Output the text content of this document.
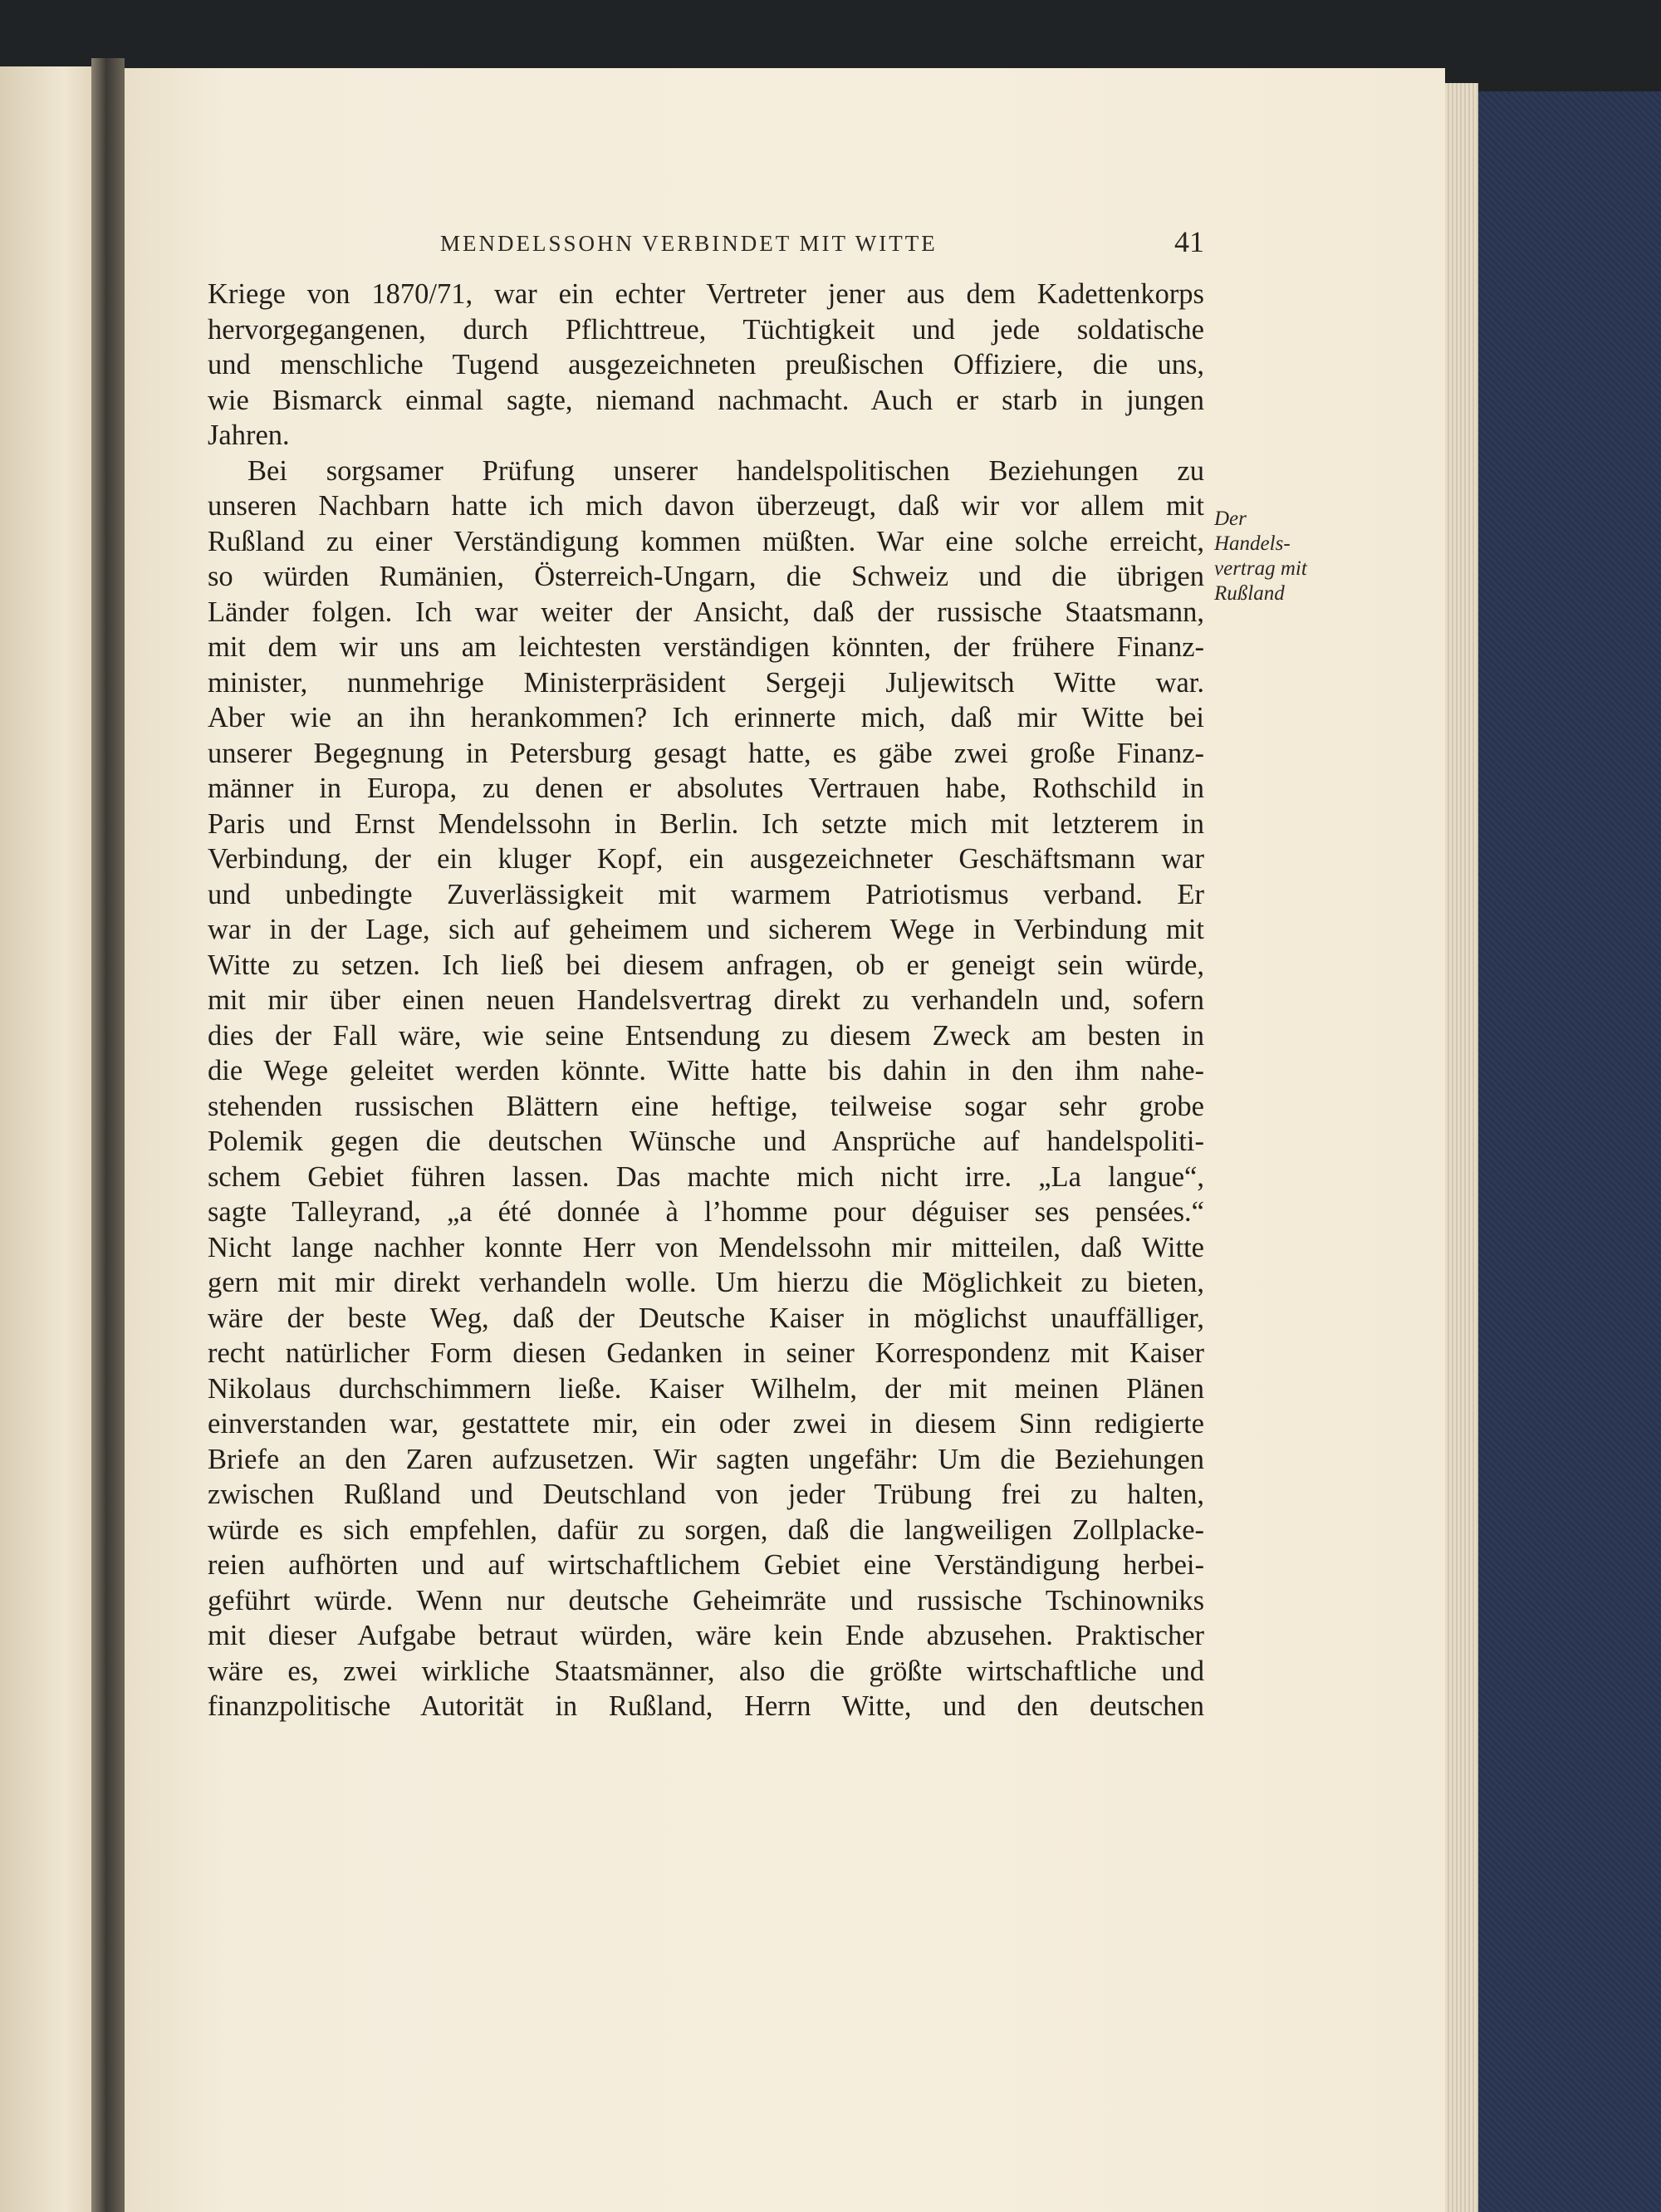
MENDELSSOHN VERBINDET MIT WITTE	41
Der
Handels-
vertrag mit
Rußland
Kriege von 1870/71, war ein echter Vertreter jener aus dem Kadettenkorps
hervorgegangenen, durch Pflichttreue, Tüchtigkeit und jede soldatische
und menschliche Tugend ausgezeichneten preußischen Offiziere, die uns,
wie Bismarck einmal sagte, niemand nachmacht. Auch er starb in jungen
Jahren.
Bei sorgsamer Prüfung unserer handelspolitischen Beziehungen zu
unseren Nachbarn hatte ich mich davon überzeugt, daß wir vor allem mit
Rußland zu einer Verständigung kommen müßten. War eine solche erreicht,
so würden Rumänien, Österreich-Ungarn, die Schweiz und die übrigen
Länder folgen. Ich war weiter der Ansicht, daß der russische Staatsmann,
mit dem wir uns am leichtesten verständigen könnten, der frühere Finanz-
minister, nunmehrige Ministerpräsident Sergeji Juljewitsch Witte war.
Aber wie an ihn herankommen? Ich erinnerte mich, daß mir Witte bei
unserer Begegnung in Petersburg gesagt hatte, es gäbe zwei große Finanz-
männer in Europa, zu denen er absolutes Vertrauen habe, Rothschild in
Paris und Ernst Mendelssohn in Berlin. Ich setzte mich mit letzterem in
Verbindung, der ein kluger Kopf, ein ausgezeichneter Geschäftsmann war
und unbedingte Zuverlässigkeit mit warmem Patriotismus verband. Er
war in der Lage, sich auf geheimem und sicherem Wege in Verbindung mit
Witte zu setzen. Ich ließ bei diesem anfragen, ob er geneigt sein würde,
mit mir über einen neuen Handelsvertrag direkt zu verhandeln und, sofern
dies der Fall wäre, wie seine Entsendung zu diesem Zweck am besten in
die Wege geleitet werden könnte. Witte hatte bis dahin in den ihm nahe-
stehenden russischen Blättern eine heftige, teilweise sogar sehr grobe
Polemik gegen die deutschen Wünsche und Ansprüche auf handelspoliti-
schem Gebiet führen lassen. Das machte mich nicht irre. „La langue“,
sagte Talleyrand, „a été donnée à l’homme pour déguiser ses pensées.“
Nicht lange nachher konnte Herr von Mendelssohn mir mitteilen, daß Witte
gern mit mir direkt verhandeln wolle. Um hierzu die Möglichkeit zu bieten,
wäre der beste Weg, daß der Deutsche Kaiser in möglichst unauffälliger,
recht natürlicher Form diesen Gedanken in seiner Korrespondenz mit Kaiser
Nikolaus durchschimmern ließe. Kaiser Wilhelm, der mit meinen Plänen
einverstanden war, gestattete mir, ein oder zwei in diesem Sinn redigierte
Briefe an den Zaren aufzusetzen. Wir sagten ungefähr: Um die Beziehungen
zwischen Rußland und Deutschland von jeder Trübung frei zu halten,
würde es sich empfehlen, dafür zu sorgen, daß die langweiligen Zollplacke-
reien aufhörten und auf wirtschaftlichem Gebiet eine Verständigung herbei-
geführt würde. Wenn nur deutsche Geheimräte und russische Tschinowniks
mit dieser Aufgabe betraut würden, wäre kein Ende abzusehen. Praktischer
wäre es, zwei wirkliche Staatsmänner, also die größte wirtschaftliche und
finanzpolitische Autorität in Rußland, Herrn Witte, und den deutschen
